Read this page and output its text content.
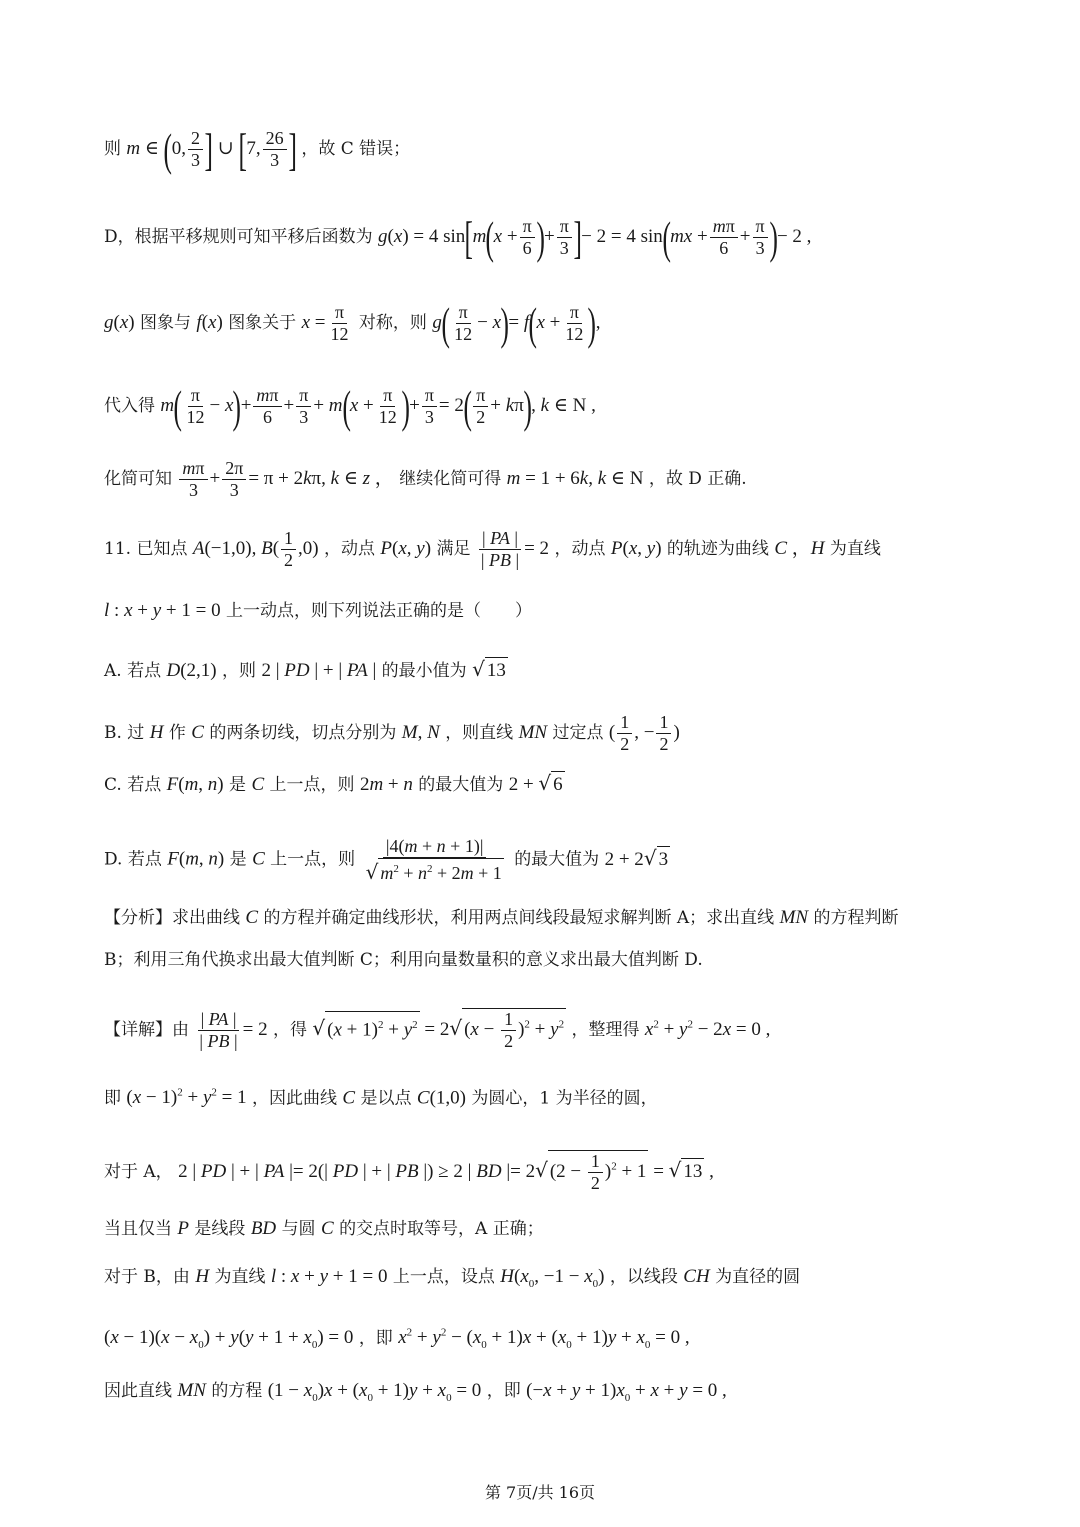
则 m ∈ (0, $\frac{2}{3}$ ] ∪ [7, $\frac{26}{3}$ ] ，故 C 错误；
D，根据平移规则可知平移后函数为 g(x) = 4 $\sin[m(x + \frac{\pi}{6}$ )+ $\frac{\pi}{3}$ ]− 2 = 4 $\sin(mx + \frac{m\pi}{6} + \frac{\pi}{3}$ )− 2 ,
g(x) 图象与 f(x) 图象关于 $x = \frac{\pi}{12}$ 对称，则 $g( \frac{\pi}{12} - x)= f(x + \frac{\pi}{12}$ ),
代入得 $m( \frac{\pi}{12} - x)+ \frac{m\pi}{6} + \frac{\pi}{3} + m(x + \frac{\pi}{12}$ )+ $\frac{\pi}{3} = 2( \frac{\pi}{2} + k\pi)$, k ∈ N ,
化简可知 $\frac{m\pi}{3} + \frac{2\pi}{3} = \pi + 2k\pi$, k ∈ z ， 继续化简可得 m = 1 + 6k, k ∈ N ，故 D 正确.
11. 已知点 A(−1,0), $B( \frac{1}{2} ,0)$ ，动点 P(x, y) 满足 $\frac{| PA |}{| PB |} = 2$ ，动点 P(x, y) 的轨迹为曲线 C ，H 为直线
l : x + y + 1 = 0 上一动点，则下列说法正确的是（　　）
A. 若点 D(2,1) ，则 2 | PD | + | PA | 的最小值为 √ 13
B. 过 H 作 C 的两条切线，切点分别为 M, N ，则直线 MN 过定点 ( $\frac{1}{2}$ , − $\frac{1}{2}$ )
C. 若点 F(m, n) 是 C 上一点，则 2m + n 的最大值为 2 + √ 6
D. 若点 F(m, n) 是 C 上一点，则 $\frac{|4(m + n + 1)|}{√ m^2 + n^2 + 2m + 1}$ 的最大值为 2 + 2√ 3
【分析】求出曲线 C 的方程并确定曲线形状，利用两点间线段最短求解判断 A；求出直线 MN 的方程判断
B；利用三角代换求出最大值判断 C；利用向量数量积的意义求出最大值判断 D.
【详解】由 $\frac{| PA |}{| PB |} = 2$ ，得 √ $(x + 1)^2 + y^2 = 2√$ $(x - \frac{1}{2} )^2 + y^2$ ，整理得 $x^2 + y^2 - 2x = 0$ ,
即 $(x - 1)^2 + y^2 = 1$ ，因此曲线 C 是以点 C(1,0) 为圆心，1 为半径的圆，
对于 A， 2 | PD | + | PA |= 2(| PD | + | PB |) ≥ 2 | BD |= 2√ $(2 - \frac{1}{2} )^2 + 1$ = √ 13 ,
当且仅当 P 是线段 BD 与圆 C 的交点时取等号，A 正确；
对于 B，由 H 为直线 l : x + y + 1 = 0 上一点，设点 $H(x_0$, $-1 - x_0$) ，以线段 CH 为直径的圆
$(x - 1)(x - x_0) + y(y + 1 + x_0) = 0$ ，即 $x^2 + y^2 - (x_0 + 1)x + (x_0 + 1)y + x_0 = 0$ ,
因此直线 MN 的方程 $(1 - x_0)x + (x_0 + 1)y + x_0 = 0$ ，即 $(-x + y + 1)x_0 + x + y = 0$ ,
第 7页/共 16页
